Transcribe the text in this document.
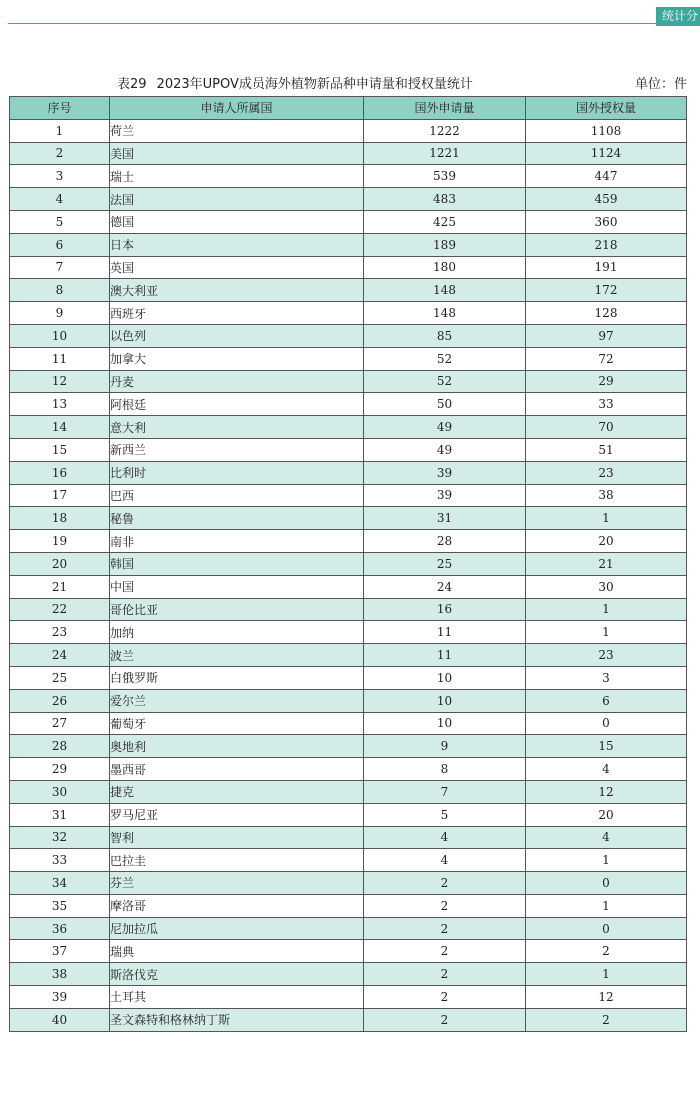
统计分
表29 2023年UPOV成员海外植物新品种申请量和授权量统计	单位：件
序号	申请人所属国	国外申请量	国外授权量
1	荷兰	1222	1108
2	美国	1221	1124
3	瑞士	539	447
4	法国	483	459
5	德国	425	360
6	日本	189	218
7	英国	180	191
8	澳大利亚	148	172
9	西班牙	148	128
10	以色列	85	97
11	加拿大	52	72
12	丹麦	52	29
13	阿根廷	50	33
14	意大利	49	70
15	新西兰	49	51
16	比利时	39	23
17	巴西	39	38
18	秘鲁	31	1
19	南非	28	20
20	韩国	25	21
21	中国	24	30
22	哥伦比亚	16	1
23	加纳	11	1
24	波兰	11	23
25	白俄罗斯	10	3
26	爱尔兰	10	6
27	葡萄牙	10	0
28	奥地利	9	15
29	墨西哥	8	4
30	捷克	7	12
31	罗马尼亚	5	20
32	智利	4	4
33	巴拉圭	4	1
34	芬兰	2	0
35	摩洛哥	2	1
36	尼加拉瓜	2	0
37	瑞典	2	2
38	斯洛伐克	2	1
39	土耳其	2	12
40	圣文森特和格林纳丁斯	2	2
